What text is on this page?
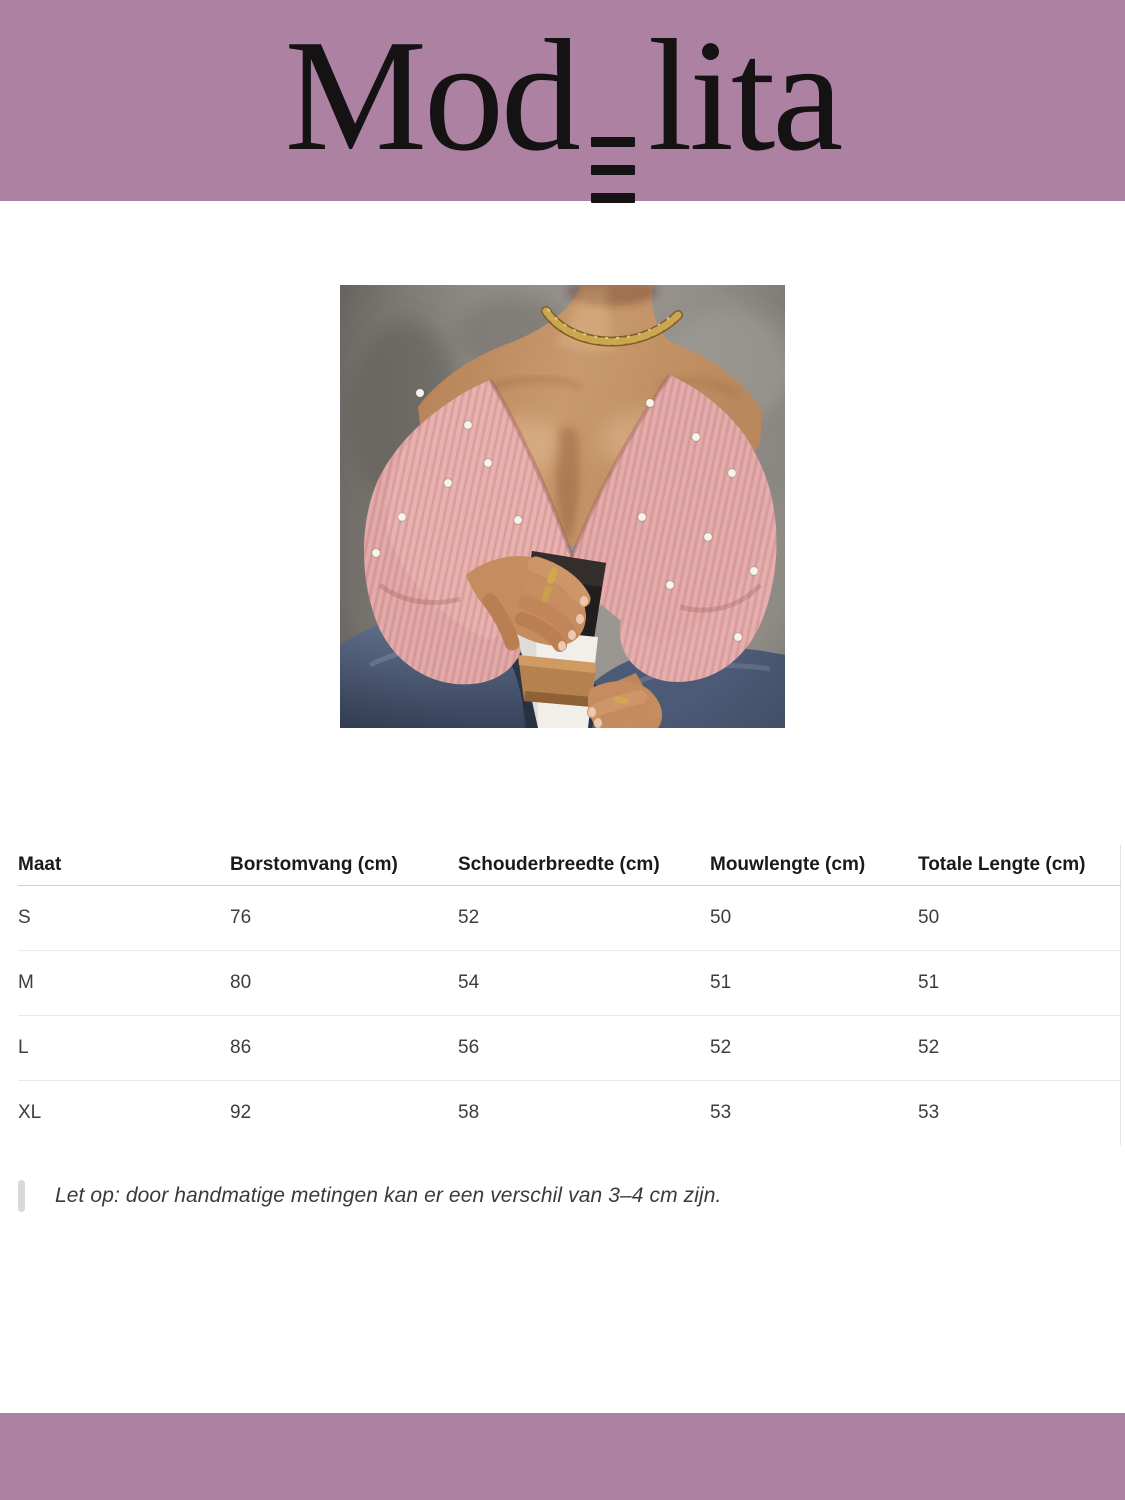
Mod lita
Maat	Borstomvang (cm)	Schouderbreedte (cm)	Mouwlengte (cm)	Totale Lengte (cm)
S	76	52	50	50
M	80	54	51	51
L	86	56	52	52
XL	92	58	53	53
Let op: door handmatige metingen kan er een verschil van 3–4 cm zijn.
